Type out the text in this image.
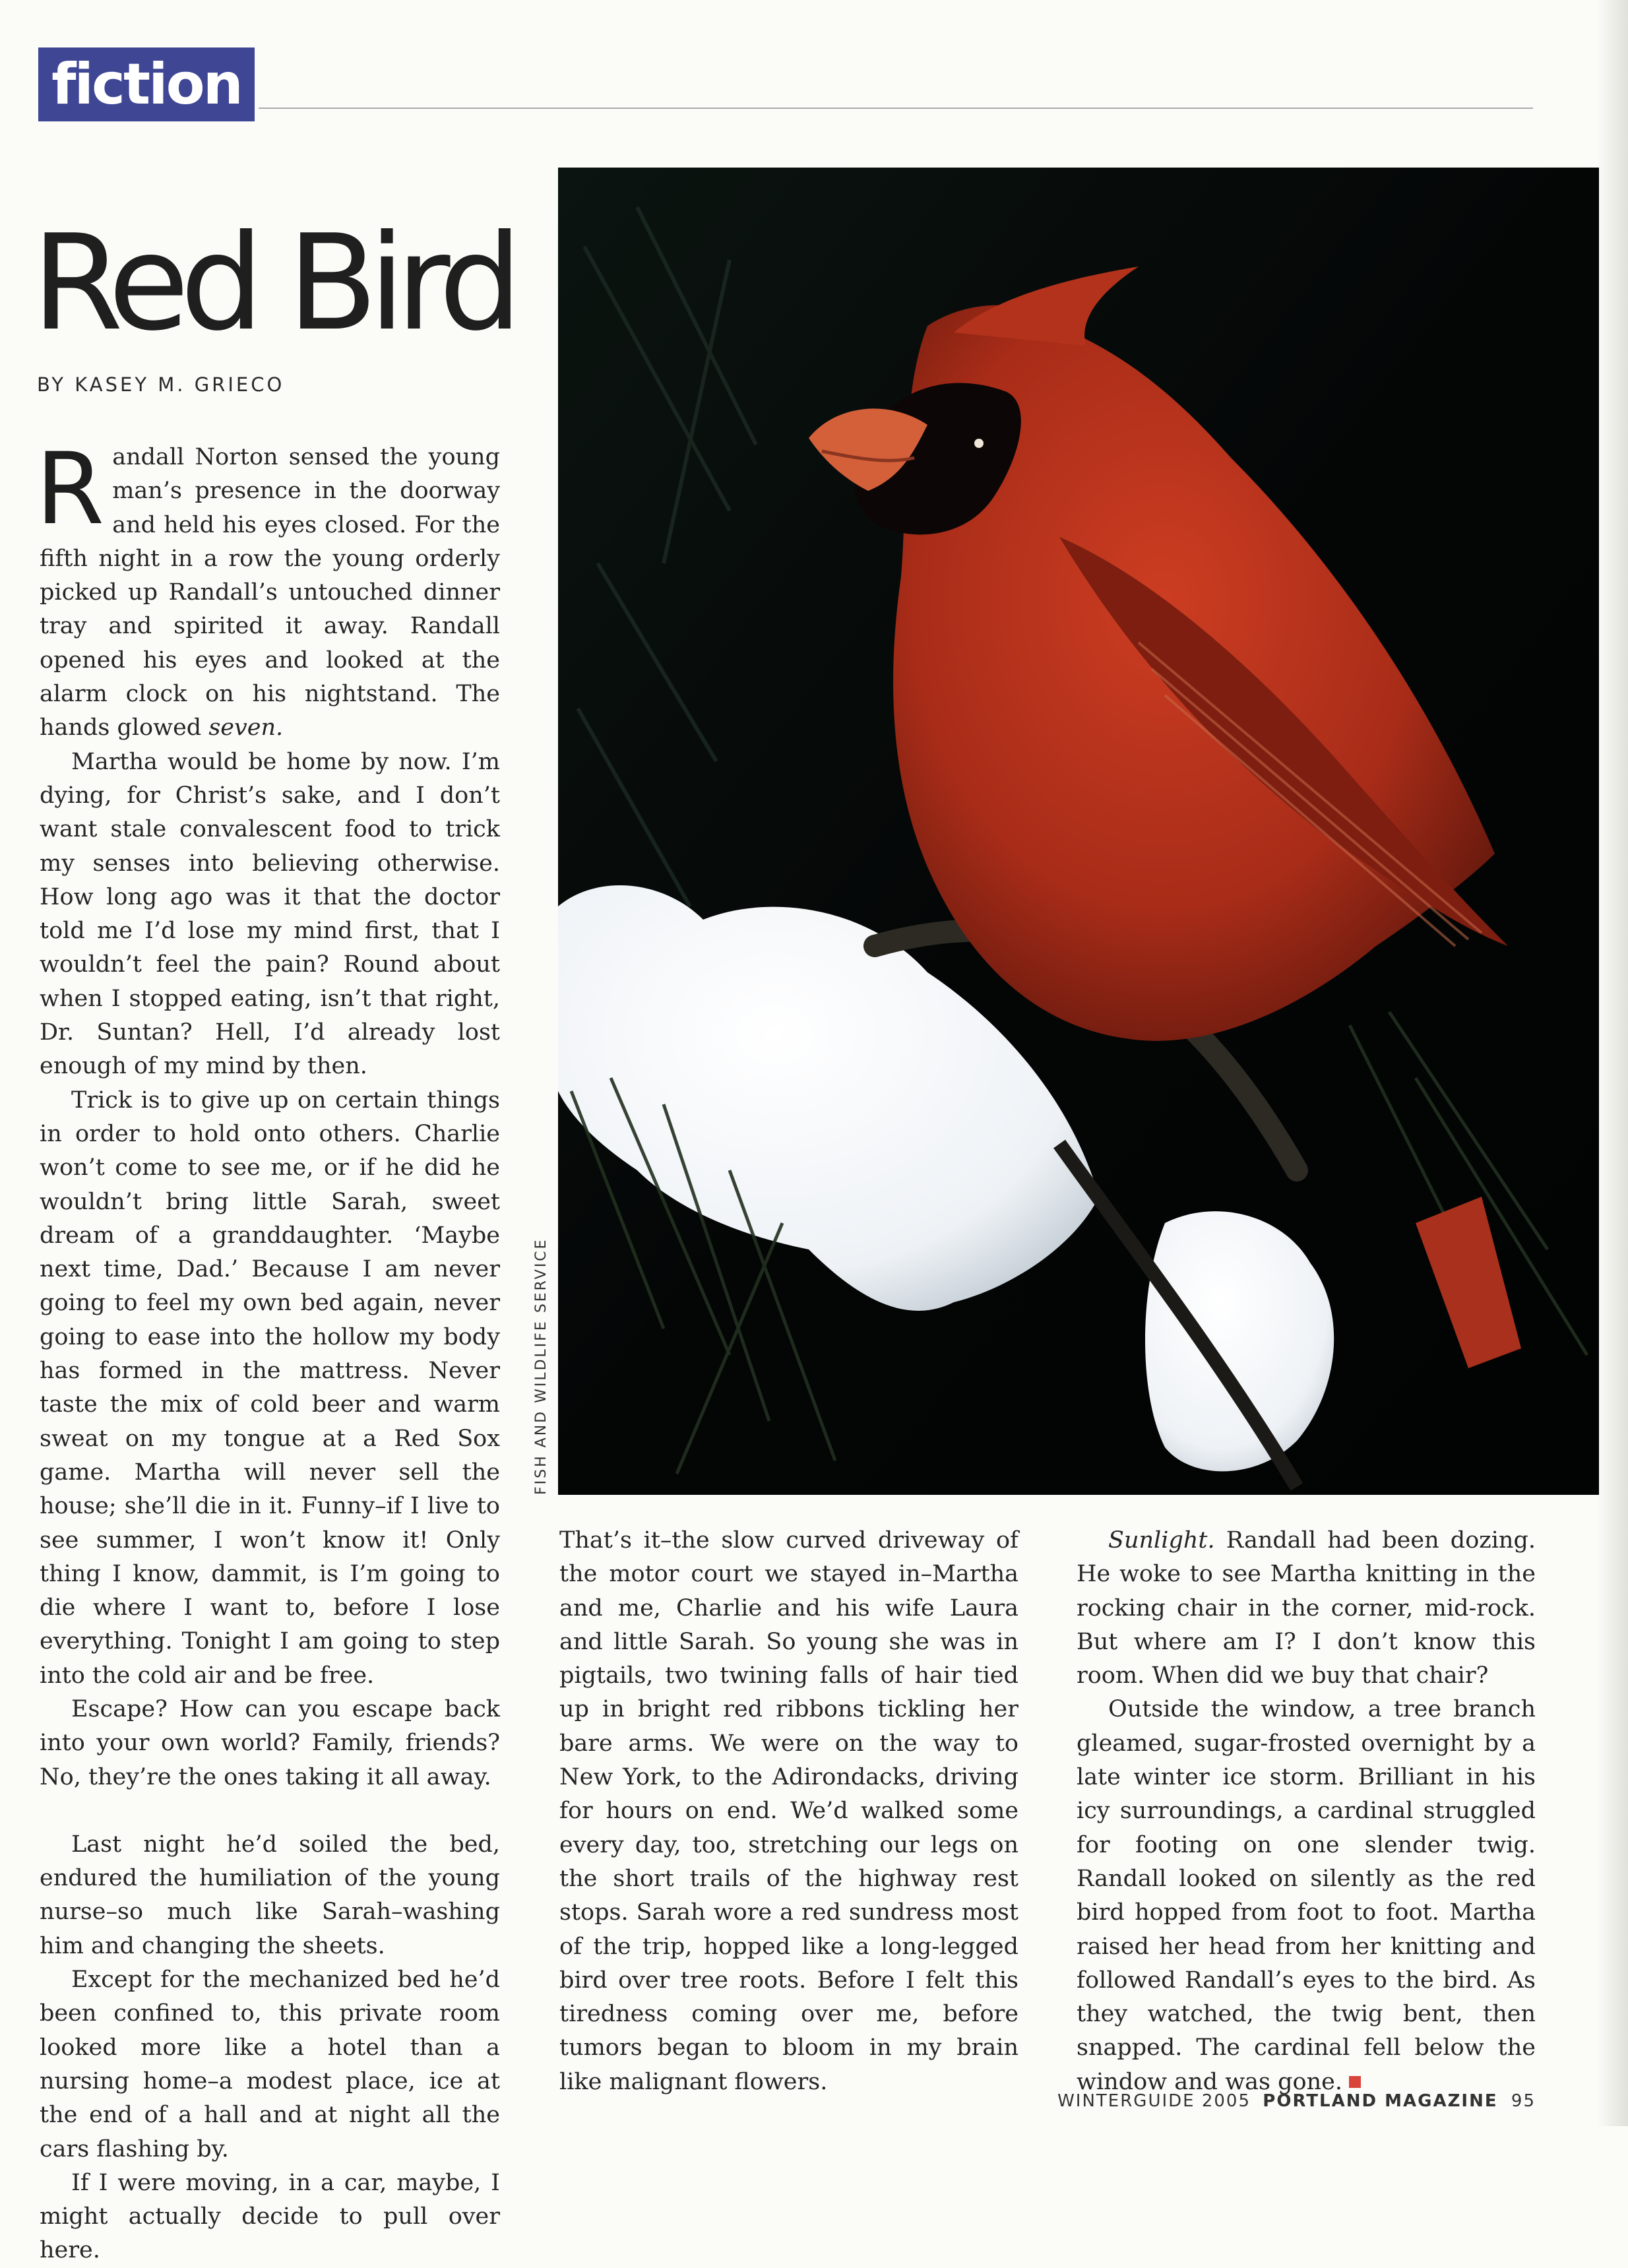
fiction
Red Bird
BY KASEY M. GRIECO
FISH AND WILDLIFE SERVICE

Randall Norton sensed the young man’s presence in the doorway and held his eyes closed. For the fifth night in a row the young orderly picked up Randall’s untouched dinner tray and spirited it away. Randall opened his eyes and looked at the alarm clock on his nightstand. The hands glowed seven.

Martha would be home by now. I’m dying, for Christ’s sake, and I don’t want stale convalescent food to trick my senses into believing otherwise. How long ago was it that the doctor told me I’d lose my mind first, that I wouldn’t feel the pain? Round about when I stopped eating, isn’t that right, Dr. Suntan? Hell, I’d already lost enough of my mind by then.

Trick is to give up on certain things in order to hold onto others. Charlie won’t come to see me, or if he did he wouldn’t bring little Sarah, sweet dream of a granddaughter. ‘Maybe next time, Dad.’ Because I am never going to feel my own bed again, never going to ease into the hollow my body has formed in the mattress. Never taste the mix of cold beer and warm sweat on my tongue at a Red Sox game. Martha will never sell the house; she’ll die in it. Funny–if I live to see summer, I won’t know it! Only thing I know, dammit, is I’m going to die where I want to, before I lose everything. Tonight I am going to step into the cold air and be free.

Escape? How can you escape back into your own world? Family, friends? No, they’re the ones taking it all away.

Last night he’d soiled the bed, endured the humiliation of the young nurse–so much like Sarah–washing him and changing the sheets.

Except for the mechanized bed he’d been confined to, this private room looked more like a hotel than a nursing home–a modest place, ice at the end of a hall and at night all the cars flashing by.

If I were moving, in a car, maybe, I might actually decide to pull over here.

That’s it–the slow curved driveway of the motor court we stayed in–Martha and me, Charlie and his wife Laura and little Sarah. So young she was in pigtails, two twining falls of hair tied up in bright red ribbons tickling her bare arms. We were on the way to New York, to the Adirondacks, driving for hours on end. We’d walked some every day, too, stretching our legs on the short trails of the highway rest stops. Sarah wore a red sundress most of the trip, hopped like a long-legged bird over tree roots. Before I felt this tiredness coming over me, before tumors began to bloom in my brain like malignant flowers.

Sunlight. Randall had been dozing. He woke to see Martha knitting in the rocking chair in the corner, mid-rock. But where am I? I don’t know this room. When did we buy that chair?

Outside the window, a tree branch gleamed, sugar-frosted overnight by a late winter ice storm. Brilliant in his icy surroundings, a cardinal struggled for footing on one slender twig. Randall looked on silently as the red bird hopped from foot to foot. Martha raised her head from her knitting and followed Randall’s eyes to the bird. As they watched, the twig bent, then snapped. The cardinal fell below the window and was gone.

WINTERGUIDE 2005 PORTLAND MAGAZINE 95
